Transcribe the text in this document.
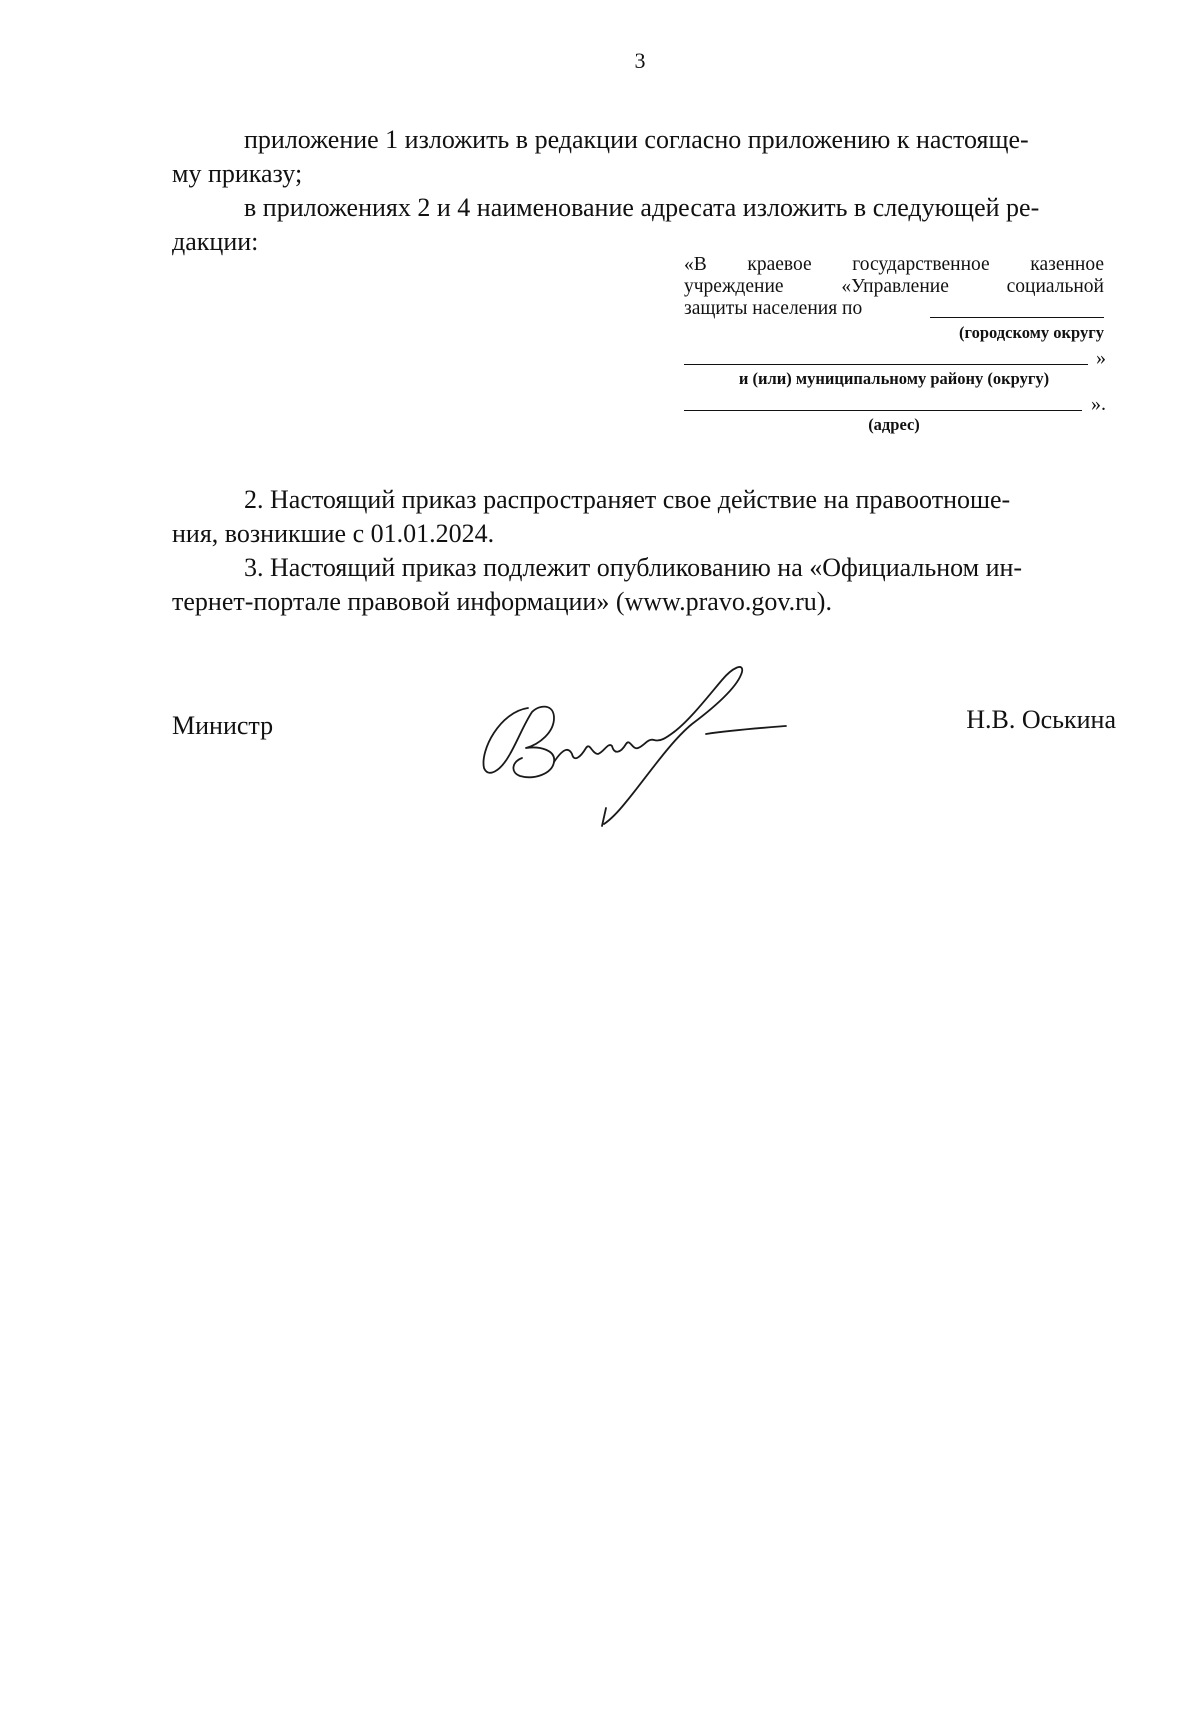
3

приложение 1 изложить в редакции согласно приложению к настояще-

му приказу;

в приложениях 2 и 4 наименование адресата изложить в следующей ре-

дакции:

«В краевое государственное казенное
учреждение «Управление социальной
защиты населения по
(городскому округу
»
и (или) муниципальному району (округу)
».
(адрес)

2. Настоящий приказ распространяет свое действие на правоотноше-

ния, возникшие с 01.01.2024.

3. Настоящий приказ подлежит опубликованию на «Официальном ин-

тернет-портале правовой информации» (www.pravo.gov.ru).

Министр	Н.В. Оськина
